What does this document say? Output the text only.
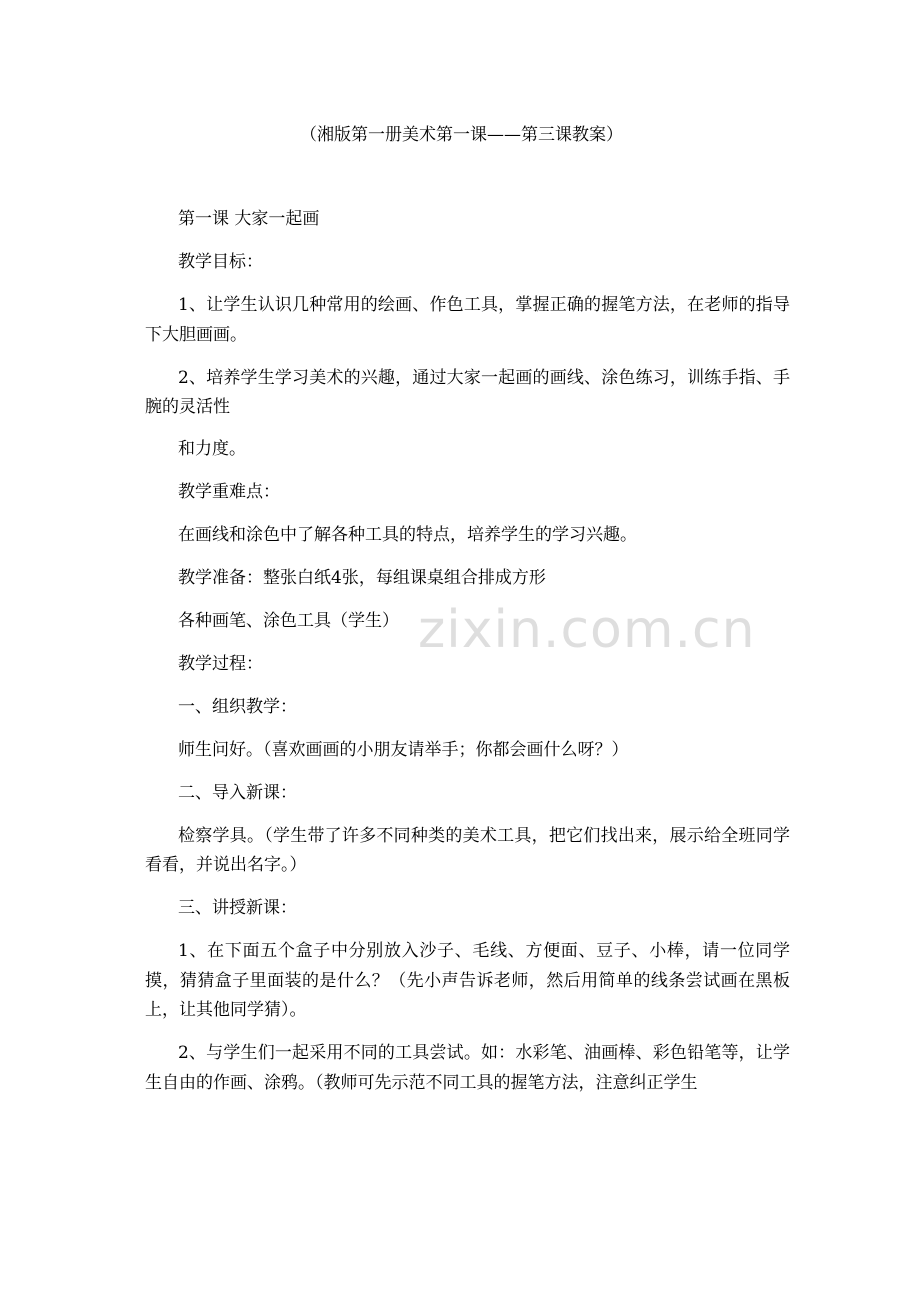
（湘版第一册美术第一课——第三课教案）

第一课 大家一起画

教学目标：

1、让学生认识几种常用的绘画、作色工具，掌握正确的握笔方法，在老师的指导下大胆画画。

2、培养学生学习美术的兴趣，通过大家一起画的画线、涂色练习，训练手指、手腕的灵活性

和力度。

教学重难点：

在画线和涂色中了解各种工具的特点，培养学生的学习兴趣。

教学准备：整张白纸4张，每组课桌组合排成方形

各种画笔、涂色工具（学生）

教学过程：

一、组织教学：

师生问好。（喜欢画画的小朋友请举手；你都会画什么呀？）

二、导入新课：

检察学具。（学生带了许多不同种类的美术工具，把它们找出来，展示给全班同学看看，并说出名字。）

三、讲授新课：

1、在下面五个盒子中分别放入沙子、毛线、方便面、豆子、小棒，请一位同学摸，猜猜盒子里面装的是什么？（先小声告诉老师，然后用简单的线条尝试画在黑板上，让其他同学猜）。

2、与学生们一起采用不同的工具尝试。如：水彩笔、油画棒、彩色铅笔等，让学生自由的作画、涂鸦。（教师可先示范不同工具的握笔方法，注意纠正学生

zixin.com.cn
